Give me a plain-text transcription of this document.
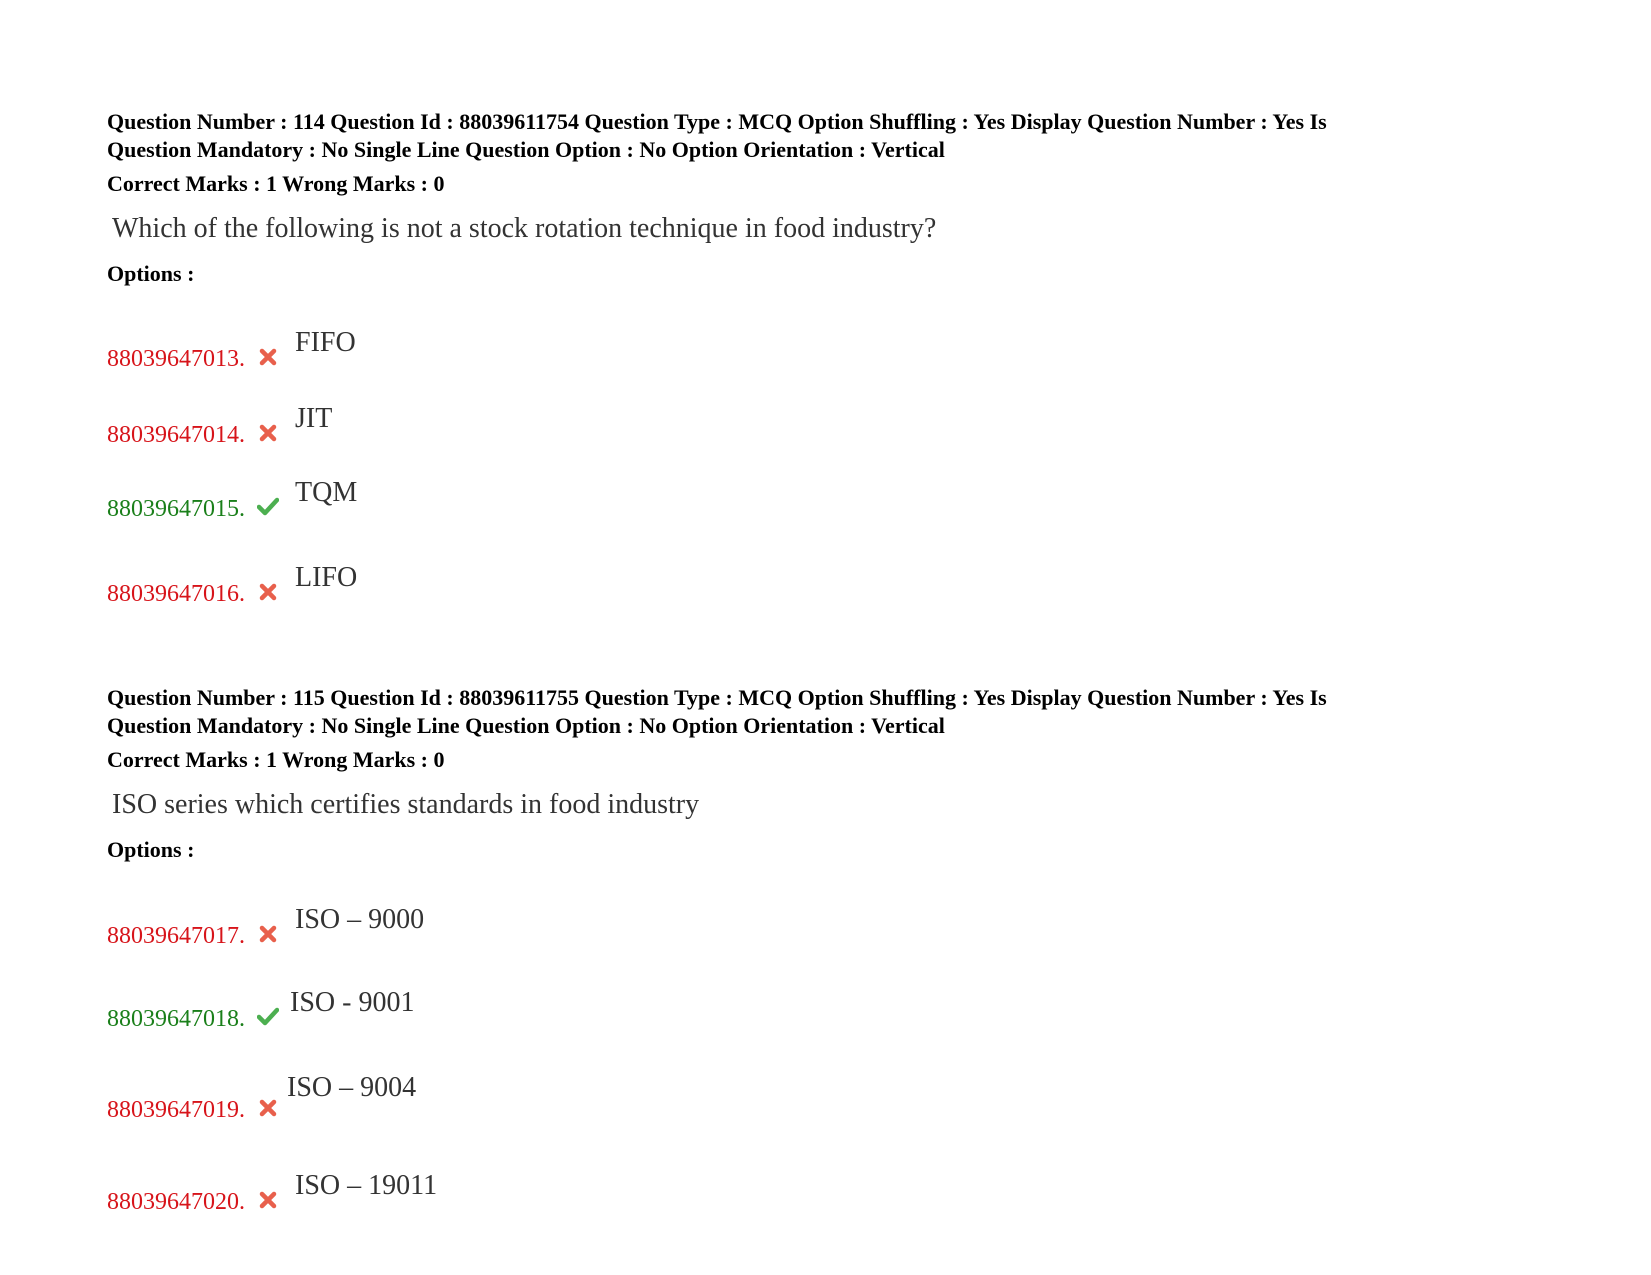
Question Number : 114 Question Id : 88039611754 Question Type : MCQ Option Shuffling : Yes Display Question Number : Yes Is
Question Mandatory : No Single Line Question Option : No Option Orientation : Vertical

Correct Marks : 1 Wrong Marks : 0
Which of the following is not a stock rotation technique in food industry?
Options :
88039647013.
FIFO
88039647014.
JIT
88039647015.
TQM
88039647016.
LIFO

Question Number : 115 Question Id : 88039611755 Question Type : MCQ Option Shuffling : Yes Display Question Number : Yes Is
Question Mandatory : No Single Line Question Option : No Option Orientation : Vertical

Correct Marks : 1 Wrong Marks : 0
ISO series which certifies standards in food industry
Options :
88039647017.
ISO – 9000
88039647018.
ISO - 9001
88039647019.
ISO – 9004
88039647020.
ISO – 19011
